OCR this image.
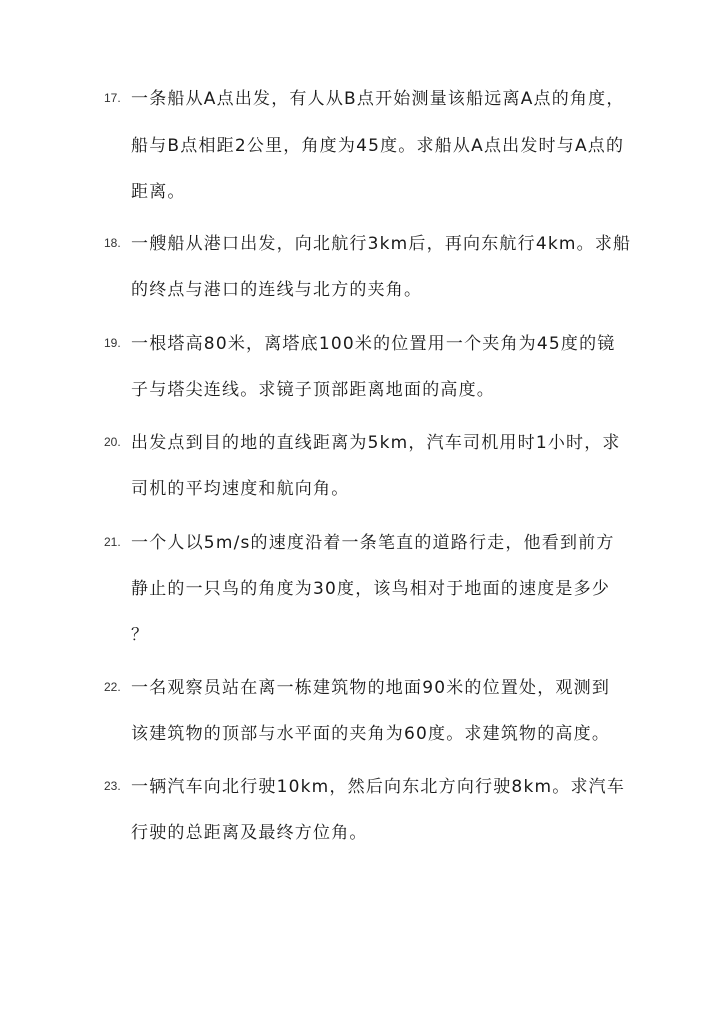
17. 一条船从A点出发，有人从B点开始测量该船远离A点的角度，
船与B点相距2公里，角度为45度。求船从A点出发时与A点的
距离。
18. 一艘船从港口出发，向北航行3km后，再向东航行4km。求船
的终点与港口的连线与北方的夹角。
19. 一根塔高80米，离塔底100米的位置用一个夹角为45度的镜
子与塔尖连线。求镜子顶部距离地面的高度。
20. 出发点到目的地的直线距离为5km，汽车司机用时1小时，求
司机的平均速度和航向角。
21. 一个人以5m/s的速度沿着一条笔直的道路行走，他看到前方
静止的一只鸟的角度为30度，该鸟相对于地面的速度是多少
？
22. 一名观察员站在离一栋建筑物的地面90米的位置处，观测到
该建筑物的顶部与水平面的夹角为60度。求建筑物的高度。
23. 一辆汽车向北行驶10km，然后向东北方向行驶8km。求汽车
行驶的总距离及最终方位角。
